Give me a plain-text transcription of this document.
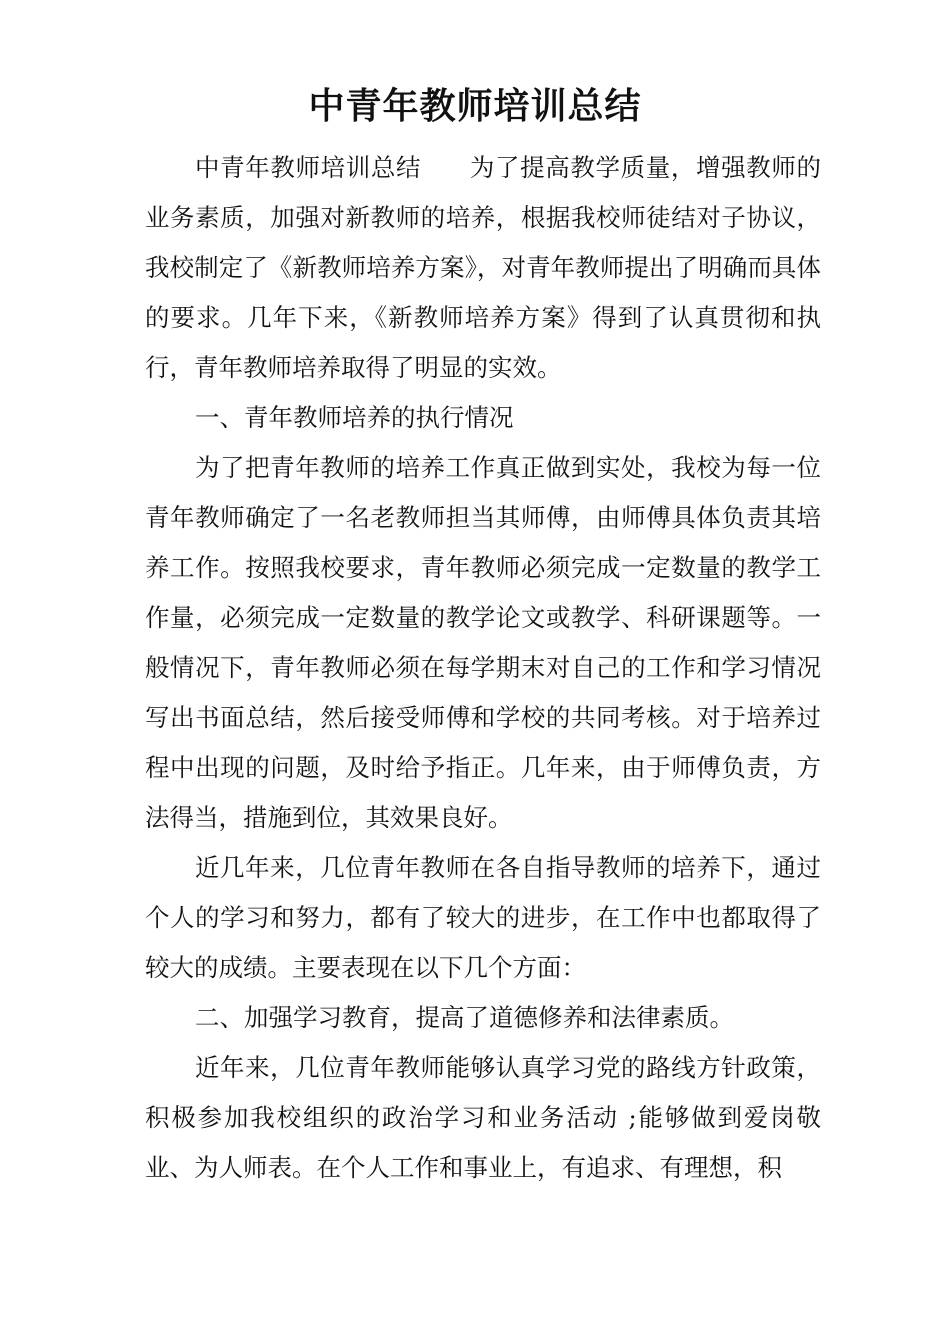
中青年教师培训总结

中青年教师培训总结 为了提高教学质量，增强教师的业务素质，加强对新教师的培养，根据我校师徒结对子协议，我校制定了《新教师培养方案》，对青年教师提出了明确而具体的要求。几年下来，《新教师培养方案》得到了认真贯彻和执行，青年教师培养取得了明显的实效。

一、青年教师培养的执行情况

为了把青年教师的培养工作真正做到实处，我校为每一位青年教师确定了一名老教师担当其师傅，由师傅具体负责其培养工作。按照我校要求，青年教师必须完成一定数量的教学工作量，必须完成一定数量的教学论文或教学、科研课题等。一般情况下，青年教师必须在每学期末对自己的工作和学习情况写出书面总结，然后接受师傅和学校的共同考核。对于培养过程中出现的问题，及时给予指正。几年来，由于师傅负责，方法得当，措施到位，其效果良好。

近几年来，几位青年教师在各自指导教师的培养下，通过个人的学习和努力，都有了较大的进步，在工作中也都取得了较大的成绩。主要表现在以下几个方面：

二、加强学习教育，提高了道德修养和法律素质。

近年来，几位青年教师能够认真学习党的路线方针政策，积极参加我校组织的政治学习和业务活动 ;能够做到爱岗敬业、为人师表。在个人工作和事业上，有追求、有理想，积
